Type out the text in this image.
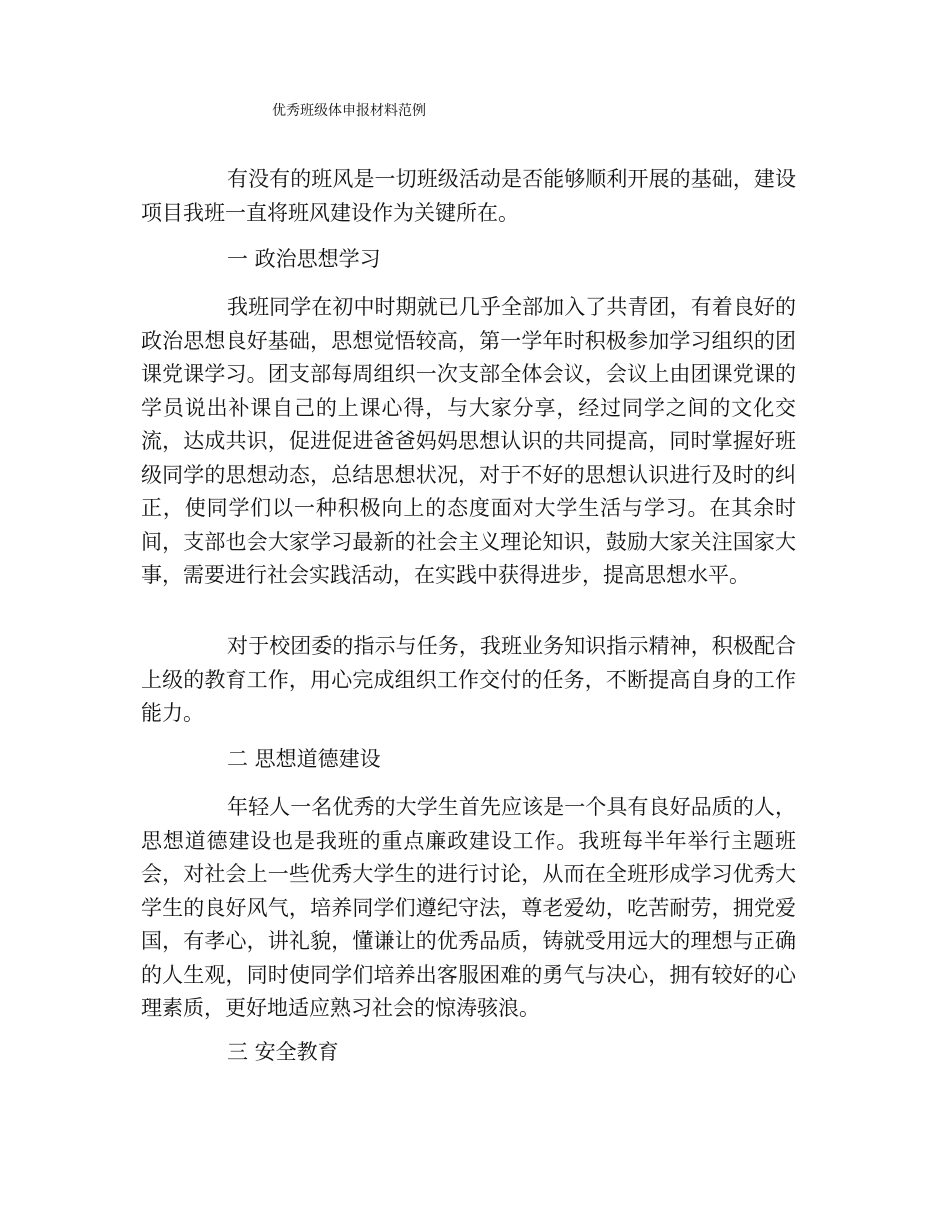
优秀班级体申报材料范例

有没有的班风是一切班级活动是否能够顺利开展的基础，建设项目我班一直将班风建设作为关键所在。

一 政治思想学习

我班同学在初中时期就已几乎全部加入了共青团，有着良好的政治思想良好基础，思想觉悟较高，第一学年时积极参加学习组织的团课党课学习。团支部每周组织一次支部全体会议，会议上由团课党课的学员说出补课自己的上课心得，与大家分享，经过同学之间的文化交流，达成共识，促进促进爸爸妈妈思想认识的共同提高，同时掌握好班级同学的思想动态，总结思想状况，对于不好的思想认识进行及时的纠正，使同学们以一种积极向上的态度面对大学生活与学习。在其余时间，支部也会大家学习最新的社会主义理论知识，鼓励大家关注国家大事，需要进行社会实践活动，在实践中获得进步，提高思想水平。

对于校团委的指示与任务，我班业务知识指示精神，积极配合上级的教育工作，用心完成组织工作交付的任务，不断提高自身的工作能力。

二 思想道德建设

年轻人一名优秀的大学生首先应该是一个具有良好品质的人，思想道德建设也是我班的重点廉政建设工作。我班每半年举行主题班会，对社会上一些优秀大学生的进行讨论，从而在全班形成学习优秀大学生的良好风气，培养同学们遵纪守法，尊老爱幼，吃苦耐劳，拥党爱国，有孝心，讲礼貌，懂谦让的优秀品质，铸就受用远大的理想与正确的人生观，同时使同学们培养出客服困难的勇气与决心，拥有较好的心理素质，更好地适应熟习社会的惊涛骇浪。

三 安全教育
